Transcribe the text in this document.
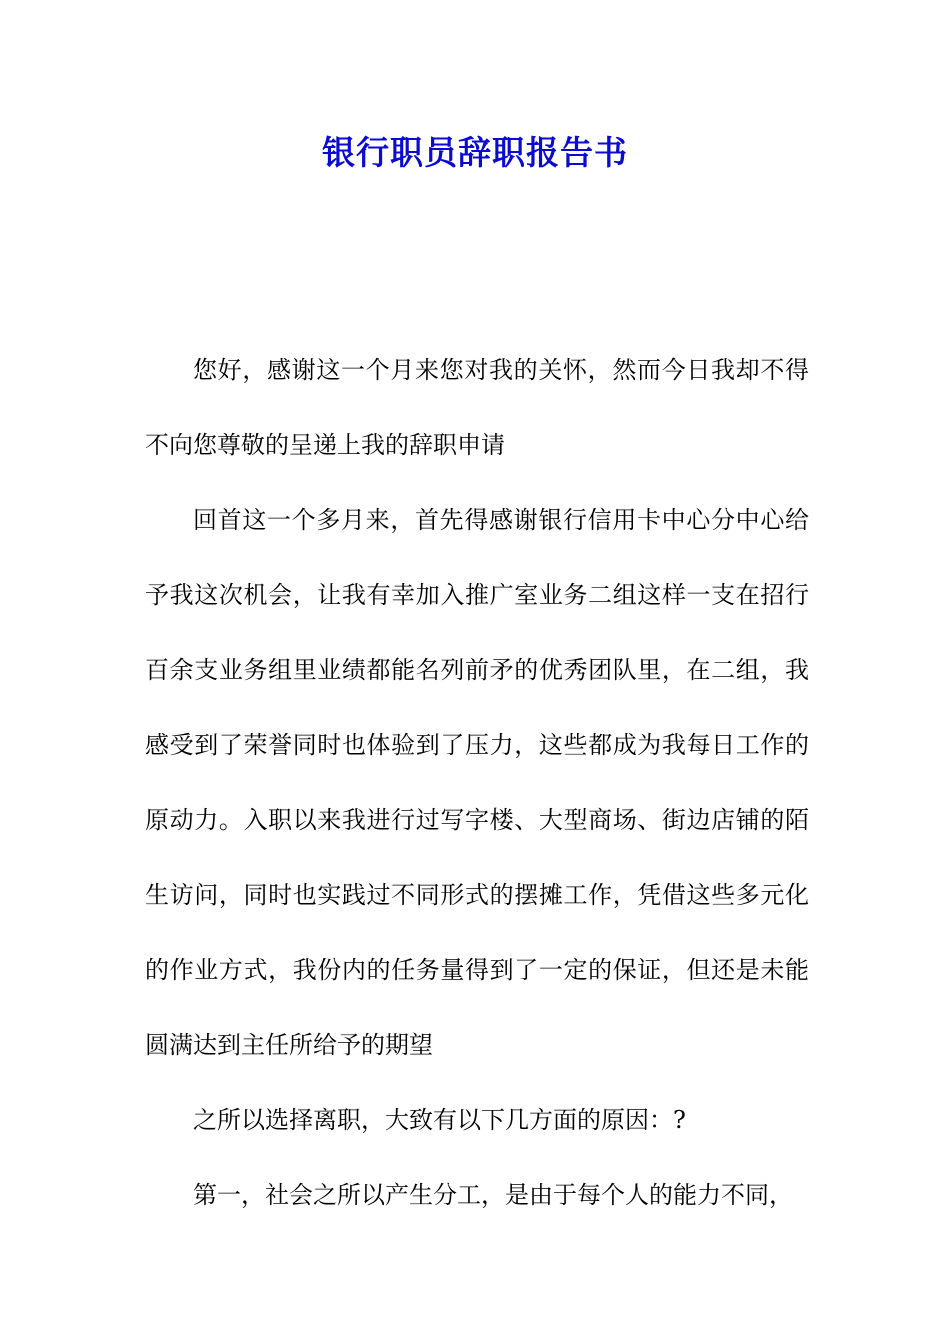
银行职员辞职报告书

您好，感谢这一个月来您对我的关怀，然而今日我却不得不向您尊敬的呈递上我的辞职申请

回首这一个多月来，首先得感谢银行信用卡中心分中心给予我这次机会，让我有幸加入推广室业务二组这样一支在招行百余支业务组里业绩都能名列前矛的优秀团队里，在二组，我感受到了荣誉同时也体验到了压力，这些都成为我每日工作的原动力。入职以来我进行过写字楼、大型商场、街边店铺的陌生访问，同时也实践过不同形式的摆摊工作，凭借这些多元化的作业方式，我份内的任务量得到了一定的保证，但还是未能圆满达到主任所给予的期望

之所以选择离职，大致有以下几方面的原因：?

第一，社会之所以产生分工，是由于每个人的能力不同，
